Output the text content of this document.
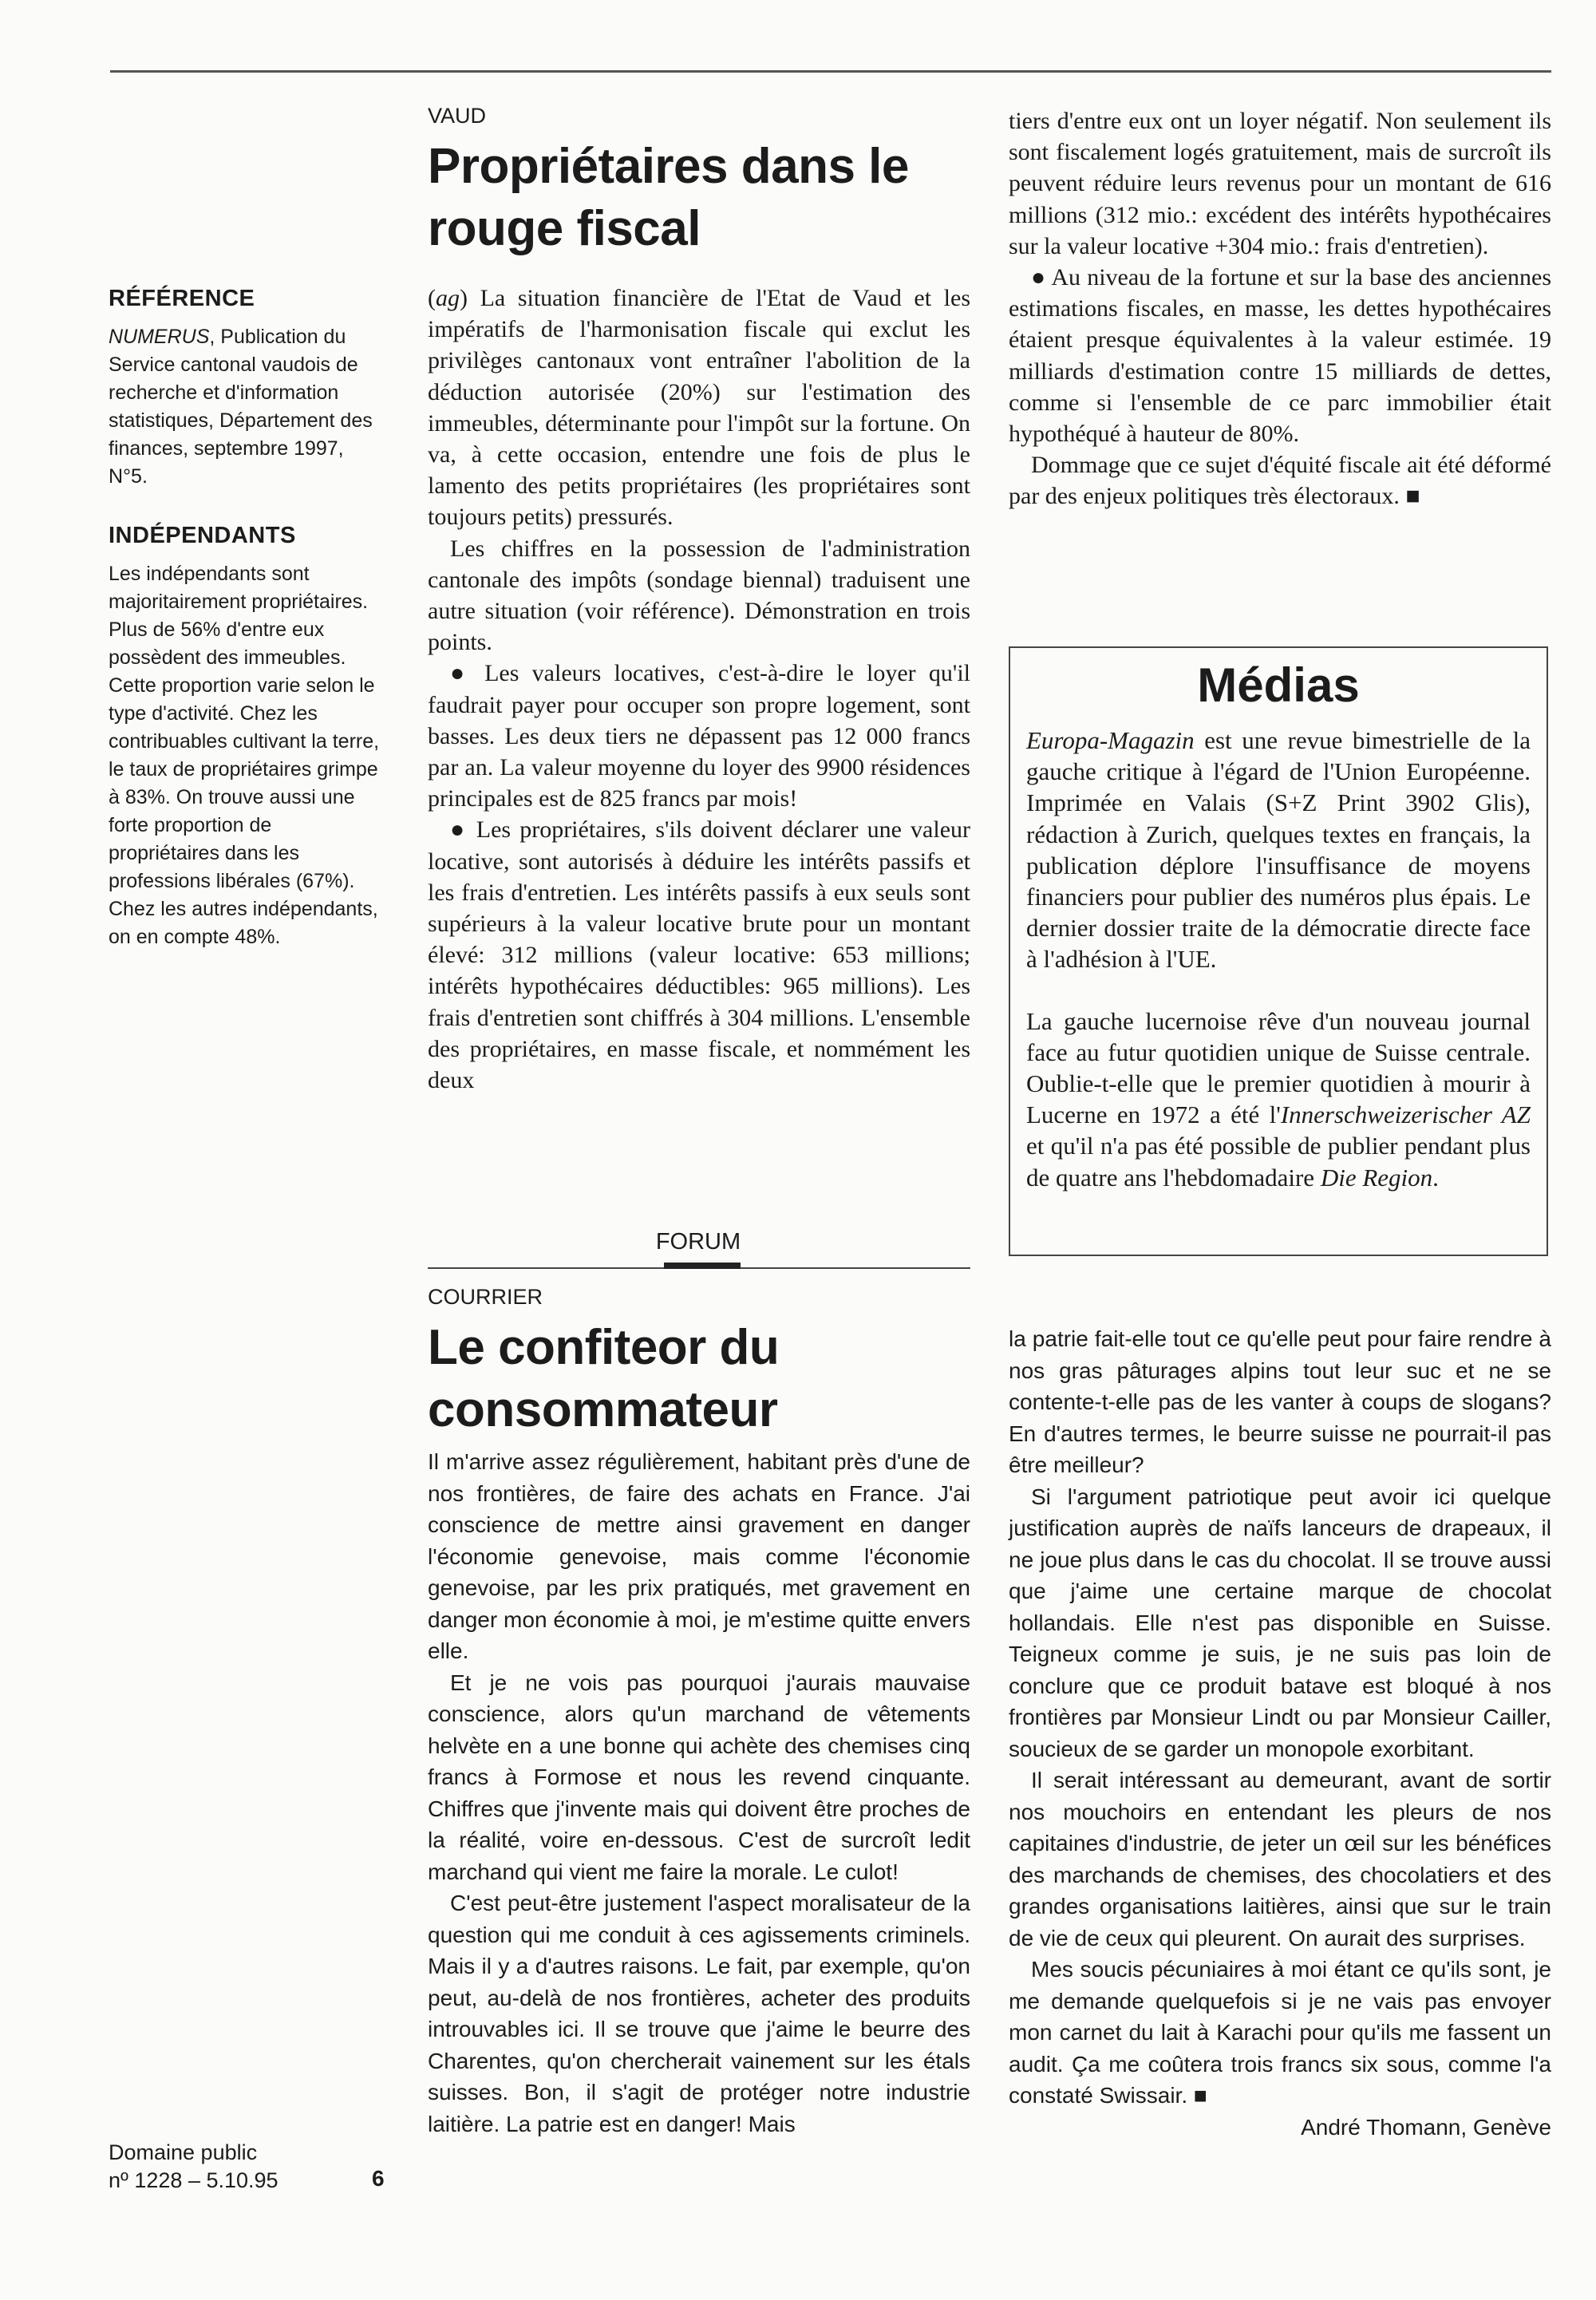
RÉFÉRENCE

NUMERUS, Publication du Service cantonal vaudois de recherche et d'information statistiques, Département des finances, septembre 1997, N°5.

INDÉPENDANTS

Les indépendants sont majoritairement propriétaires. Plus de 56% d'entre eux possèdent des immeubles. Cette proportion varie selon le type d'activité. Chez les contribuables cultivant la terre, le taux de propriétaires grimpe à 83%. On trouve aussi une forte proportion de propriétaires dans les professions libérales (67%). Chez les autres indépendants, on en compte 48%.

Domaine public
nº 1228 – 5.10.95	6
VAUD
Propriétaires dans le rouge fiscal

(ag) La situation financière de l'Etat de Vaud et les impératifs de l'harmonisation fiscale qui exclut les privilèges cantonaux vont entraîner l'abolition de la déduction autorisée (20%) sur l'estimation des immeubles, déterminante pour l'impôt sur la fortune. On va, à cette occasion, entendre une fois de plus le lamento des petits propriétaires (les propriétaires sont toujours petits) pressurés.

Les chiffres en la possession de l'administration cantonale des impôts (sondage biennal) traduisent une autre situation (voir référence). Démonstration en trois points.

● Les valeurs locatives, c'est-à-dire le loyer qu'il faudrait payer pour occuper son propre logement, sont basses. Les deux tiers ne dépassent pas 12 000 francs par an. La valeur moyenne du loyer des 9900 résidences principales est de 825 francs par mois!

● Les propriétaires, s'ils doivent déclarer une valeur locative, sont autorisés à déduire les intérêts passifs et les frais d'entretien. Les intérêts passifs à eux seuls sont supérieurs à la valeur locative brute pour un montant élevé: 312 millions (valeur locative: 653 millions; intérêts hypothécaires déductibles: 965 millions). Les frais d'entretien sont chiffrés à 304 millions. L'ensemble des propriétaires, en masse fiscale, et nommément les deux

tiers d'entre eux ont un loyer négatif. Non seulement ils sont fiscalement logés gratuitement, mais de surcroît ils peuvent réduire leurs revenus pour un montant de 616 millions (312 mio.: excédent des intérêts hypothécaires sur la valeur locative +304 mio.: frais d'entretien).

● Au niveau de la fortune et sur la base des anciennes estimations fiscales, en masse, les dettes hypothécaires étaient presque équivalentes à la valeur estimée. 19 milliards d'estimation contre 15 milliards de dettes, comme si l'ensemble de ce parc immobilier était hypothéqué à hauteur de 80%.

Dommage que ce sujet d'équité fiscale ait été déformé par des enjeux politiques très électoraux. ■

Médias

Europa-Magazin est une revue bimestrielle de la gauche critique à l'égard de l'Union Européenne. Imprimée en Valais (S+Z Print 3902 Glis), rédaction à Zurich, quelques textes en français, la publication déplore l'insuffisance de moyens financiers pour publier des numéros plus épais. Le dernier dossier traite de la démocratie directe face à l'adhésion à l'UE.

La gauche lucernoise rêve d'un nouveau journal face au futur quotidien unique de Suisse centrale. Oublie-t-elle que le premier quotidien à mourir à Lucerne en 1972 a été l'Innerschweizerischer AZ et qu'il n'a pas été possible de publier pendant plus de quatre ans l'hebdomadaire Die Region.

FORUM
COURRIER
Le confiteor du consommateur

Il m'arrive assez régulièrement, habitant près d'une de nos frontières, de faire des achats en France. J'ai conscience de mettre ainsi gravement en danger l'économie genevoise, mais comme l'économie genevoise, par les prix pratiqués, met gravement en danger mon économie à moi, je m'estime quitte envers elle.

Et je ne vois pas pourquoi j'aurais mauvaise conscience, alors qu'un marchand de vêtements helvète en a une bonne qui achète des chemises cinq francs à Formose et nous les revend cinquante. Chiffres que j'invente mais qui doivent être proches de la réalité, voire en-dessous. C'est de surcroît ledit marchand qui vient me faire la morale. Le culot!

C'est peut-être justement l'aspect moralisateur de la question qui me conduit à ces agissements criminels. Mais il y a d'autres raisons. Le fait, par exemple, qu'on peut, au-delà de nos frontières, acheter des produits introuvables ici. Il se trouve que j'aime le beurre des Charentes, qu'on chercherait vainement sur les étals suisses. Bon, il s'agit de protéger notre industrie laitière. La patrie est en danger! Mais

la patrie fait-elle tout ce qu'elle peut pour faire rendre à nos gras pâturages alpins tout leur suc et ne se contente-t-elle pas de les vanter à coups de slogans? En d'autres termes, le beurre suisse ne pourrait-il pas être meilleur?

Si l'argument patriotique peut avoir ici quelque justification auprès de naïfs lanceurs de drapeaux, il ne joue plus dans le cas du chocolat. Il se trouve aussi que j'aime une certaine marque de chocolat hollandais. Elle n'est pas disponible en Suisse. Teigneux comme je suis, je ne suis pas loin de conclure que ce produit batave est bloqué à nos frontières par Monsieur Lindt ou par Monsieur Cailler, soucieux de se garder un monopole exorbitant.

Il serait intéressant au demeurant, avant de sortir nos mouchoirs en entendant les pleurs de nos capitaines d'industrie, de jeter un œil sur les bénéfices des marchands de chemises, des chocolatiers et des grandes organisations laitières, ainsi que sur le train de vie de ceux qui pleurent. On aurait des surprises.

Mes soucis pécuniaires à moi étant ce qu'ils sont, je me demande quelquefois si je ne vais pas envoyer mon carnet du lait à Karachi pour qu'ils me fassent un audit. Ça me coûtera trois francs six sous, comme l'a constaté Swissair. ■

André Thomann, Genève
